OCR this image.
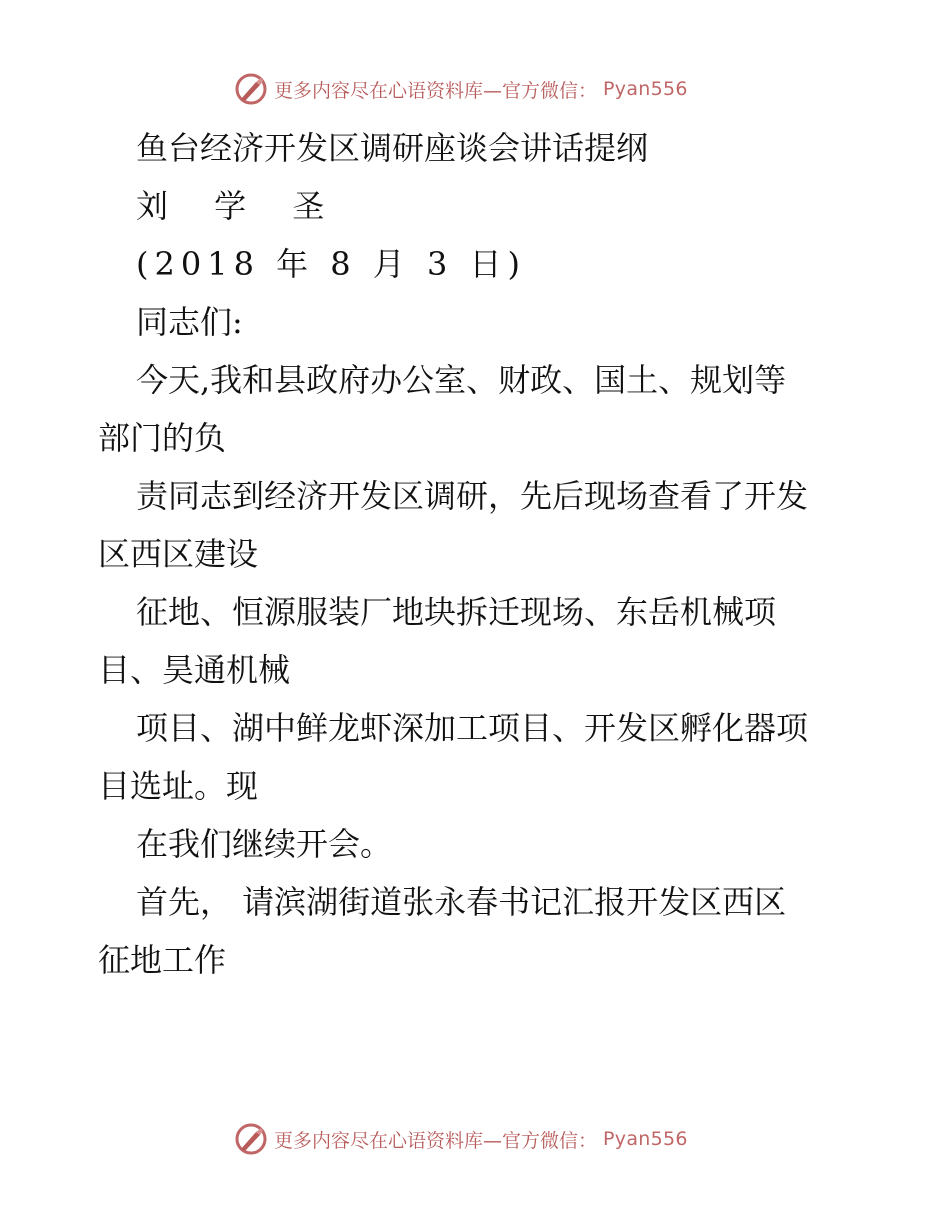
更多内容尽在心语资料库—官方微信： Pyan556
鱼台经济开发区调研座谈会讲话提纲
刘 学 圣
(2018 年 8 月 3 日)
同志们:
今天,我和县政府办公室、财政、国土、规划等
部门的负
责同志到经济开发区调研，先后现场查看了开发
区西区建设
征地、恒源服装厂地块拆迁现场、东岳机械项
目、昊通机械
项目、湖中鲜龙虾深加工项目、开发区孵化器项
目选址。现
在我们继续开会。
首先， 请滨湖街道张永春书记汇报开发区西区
征地工作
更多内容尽在心语资料库—官方微信： Pyan556
